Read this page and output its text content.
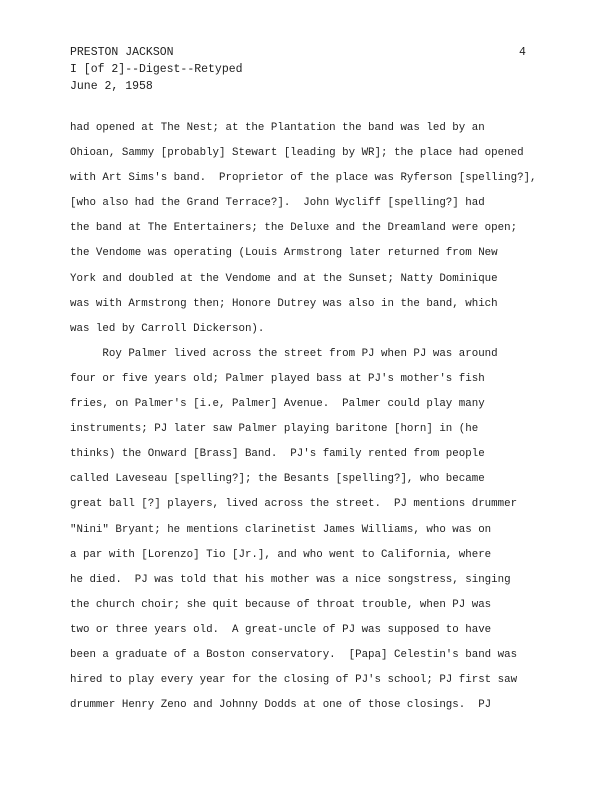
PRESTON JACKSON
I [of 2]--Digest--Retyped
June 2, 1958
4
had opened at The Nest; at the Plantation the band was led by an
Ohioan, Sammy [probably] Stewart [leading by WR]; the place had opened
with Art Sims's band.  Proprietor of the place was Ryferson [spelling?],
[who also had the Grand Terrace?].  John Wycliff [spelling?] had
the band at The Entertainers; the Deluxe and the Dreamland were open;
the Vendome was operating (Louis Armstrong later returned from New
York and doubled at the Vendome and at the Sunset; Natty Dominique
was with Armstrong then; Honore Dutrey was also in the band, which
was led by Carroll Dickerson).
Roy Palmer lived across the street from PJ when PJ was around
four or five years old; Palmer played bass at PJ's mother's fish
fries, on Palmer's [i.e, Palmer] Avenue.  Palmer could play many
instruments; PJ later saw Palmer playing baritone [horn] in (he
thinks) the Onward [Brass] Band.  PJ's family rented from people
called Laveseau [spelling?]; the Besants [spelling?], who became
great ball [?] players, lived across the street.  PJ mentions drummer
"Nini" Bryant; he mentions clarinetist James Williams, who was on
a par with [Lorenzo] Tio [Jr.], and who went to California, where
he died.  PJ was told that his mother was a nice songstress, singing
the church choir; she quit because of throat trouble, when PJ was
two or three years old.  A great-uncle of PJ was supposed to have
been a graduate of a Boston conservatory.  [Papa] Celestin's band was
hired to play every year for the closing of PJ's school; PJ first saw
drummer Henry Zeno and Johnny Dodds at one of those closings.  PJ
